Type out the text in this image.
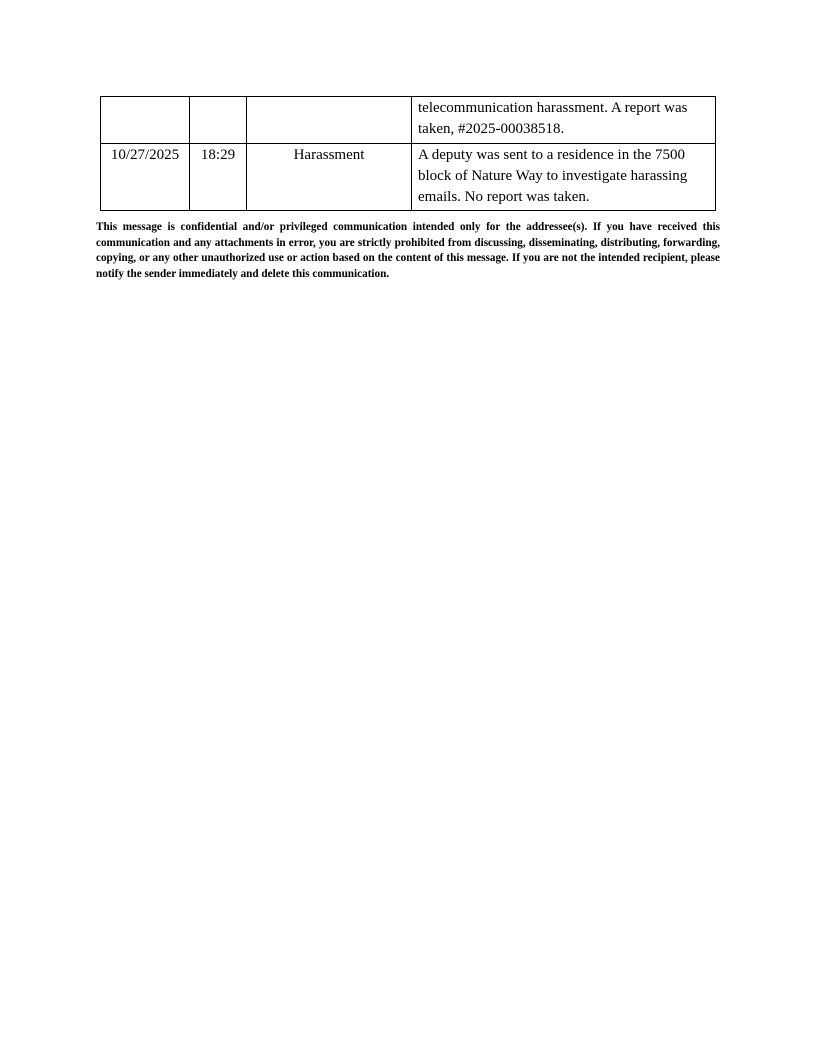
			telecommunication harassment. A report was taken, #2025-00038518.
10/27/2025	18:29	Harassment	A deputy was sent to a residence in the 7500 block of Nature Way to investigate harassing emails. No report was taken.

This message is confidential and/or privileged communication intended only for the addressee(s). If you have received this communication and any attachments in error, you are strictly prohibited from discussing, disseminating, distributing, forwarding, copying, or any other unauthorized use or action based on the content of this message. If you are not the intended recipient, please notify the sender immediately and delete this communication.
